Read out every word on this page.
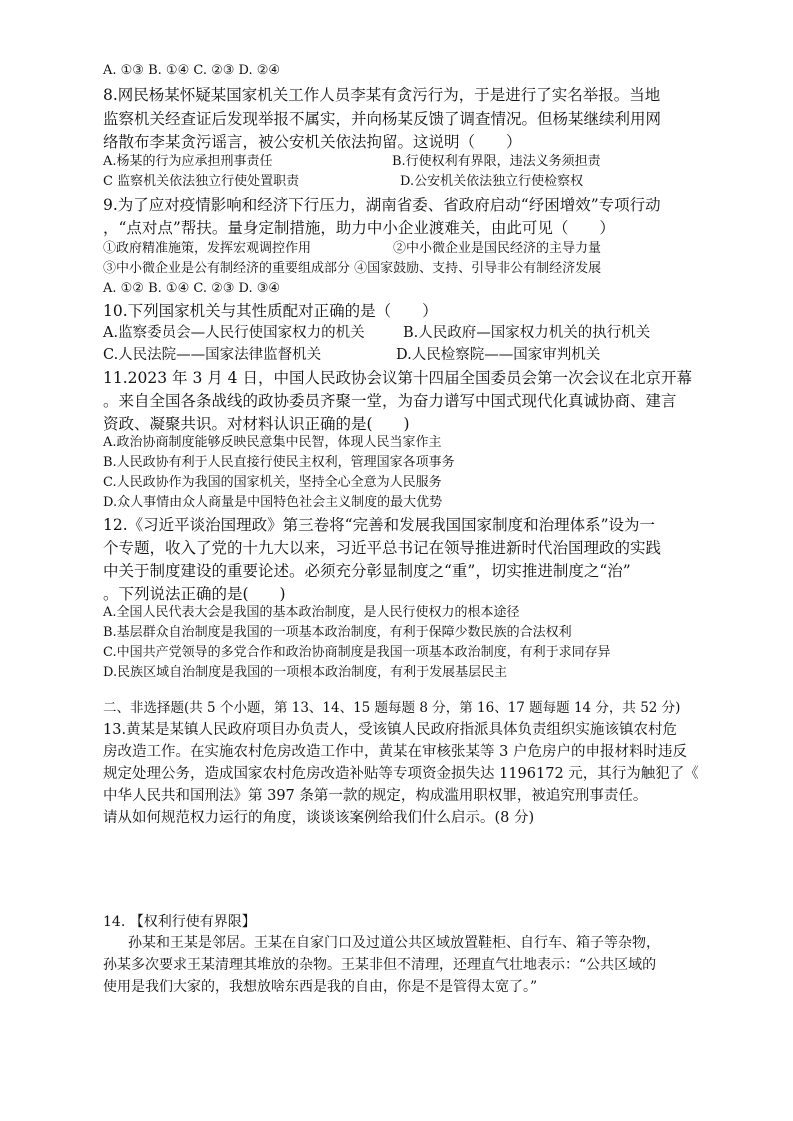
A. ①③ B. ①④ C. ②③ D. ②④
8.网民杨某怀疑某国家机关工作人员李某有贪污行为，于是进行了实名举报。当地
监察机关经查证后发现举报不属实，并向杨某反馈了调查情况。但杨某继续利用网
络散布李某贪污谣言，被公安机关依法拘留。这说明（　　）
A.杨某的行为应承担刑事责任	B.行使权利有界限，违法义务须担责
C 监察机关依法独立行使处置职责	D.公安机关依法独立行使检察权
9.为了应对疫情影响和经济下行压力，湖南省委、省政府启动“纾困增效”专项行动
，“点对点”帮扶。量身定制措施，助力中小企业渡难关，由此可见（　　）
①政府精准施策，发挥宏观调控作用	②中小微企业是国民经济的主导力量
③中小微企业是公有制经济的重要组成部分 ④国家鼓励、支持、引导非公有制经济发展
A. ①② B. ①④ C. ②③ D. ③④
10.下列国家机关与其性质配对正确的是（　　）
A.监察委员会—人民行使国家权力的机关	B.人民政府—国家权力机关的执行机关
C.人民法院——国家法律监督机关	D.人民检察院——国家审判机关
11.2023 年 3 月 4 日，中国人民政协会议第十四届全国委员会第一次会议在北京开幕
。来自全国各条战线的政协委员齐聚一堂，为奋力谱写中国式现代化真诚协商、建言
资政、凝聚共识。对材料认识正确的是(　　)
A.政治协商制度能够反映民意集中民智，体现人民当家作主
B.人民政协有利于人民直接行使民主权利，管理国家各项事务
C.人民政协作为我国的国家机关，坚持全心全意为人民服务
D.众人事情由众人商量是中国特色社会主义制度的最大优势
12.《习近平谈治国理政》第三卷将“完善和发展我国国家制度和治理体系”设为一
个专题，收入了党的十九大以来，习近平总书记在领导推进新时代治国理政的实践
中关于制度建设的重要论述。必须充分彰显制度之“重”，切实推进制度之“治”
。下列说法正确的是(　　)
A.全国人民代表大会是我国的基本政治制度，是人民行使权力的根本途径
B.基层群众自治制度是我国的一项基本政治制度，有利于保障少数民族的合法权利
C.中国共产党领导的多党合作和政治协商制度是我国一项基本政治制度，有利于求同存异
D.民族区域自治制度是我国的一项根本政治制度，有利于发展基层民主
二、非选择题(共 5 个小题，第 13、14、15 题每题 8 分，第 16、17 题每题 14 分，共 52 分)
13.黄某是某镇人民政府项目办负责人，受该镇人民政府指派具体负责组织实施该镇农村危
房改造工作。在实施农村危房改造工作中，黄某在审核张某等 3 户危房户的申报材料时违反
规定处理公务，造成国家农村危房改造补贴等专项资金损失达 1196172 元，其行为触犯了《
中华人民共和国刑法》第 397 条第一款的规定，构成滥用职权罪，被追究刑事责任。
请从如何规范权力运行的角度，谈谈该案例给我们什么启示。(8 分)
14. 【权利行使有界限】
孙某和王某是邻居。王某在自家门口及过道公共区域放置鞋柜、自行车、箱子等杂物，
孙某多次要求王某清理其堆放的杂物。王某非但不清理，还理直气壮地表示：“公共区域的
使用是我们大家的，我想放啥东西是我的自由，你是不是管得太宽了。”
